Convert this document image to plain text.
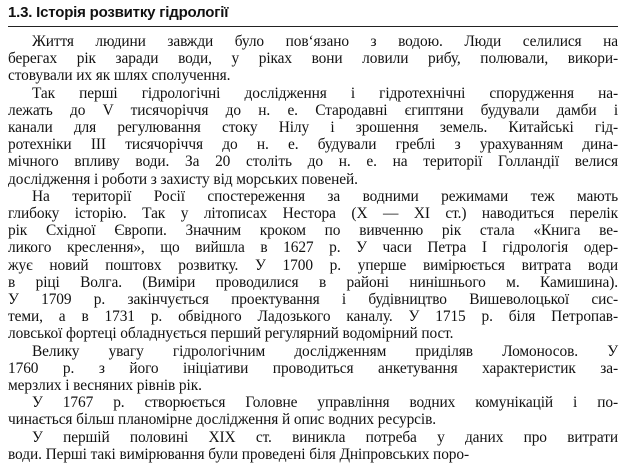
1.3. Історія розвитку гідрології

Життя людини завжди було пов‘язано з водою. Люди селилися на
берегах рік заради води, у ріках вони ловили рибу, полювали, викори-
стовували их як шлях сполучення.

Так перші гідрологічні дослідження і гідротехнічні спорудження на-
лежать до V тисячоріччя до н. е. Стародавні єгиптяни будували дамби і
канали для регулювання стоку Нілу і зрошення земель. Китайські гід-
ротехніки III тисячоріччя до н. е. будували греблі з урахуванням дина-
мічного впливу води. За 20 століть до н. е. на території Голландії велися
дослідження і роботи з захисту від морських повеней.

На території Росії спостереження за водними режимами теж мають
глибоку історію. Так у літописах Нестора (X — XI ст.) наводиться перелік
рік Східної Європи. Значним кроком по вивченню рік стала «Книга ве-
ликого креслення», що вийшла в 1627 р. У часи Петра I гідрологія одер-
жує новий поштовх розвитку. У 1700 р. уперше вимірюється витрата води
в ріці Волга. (Виміри проводилися в районі нинішнього м. Камишина).
У 1709 р. закінчується проектування і будівництво Вишеволоцької сис-
теми, а в 1731 р. обвідного Ладозького каналу. У 1715 р. біля Петропав-
ловської фортеці обладнується перший регулярний водомірний пост.

Велику увагу гідрологічним дослідженням приділяв Ломоносов. У
1760 р. з його ініціативи проводиться анкетування характеристик за-
мерзлих і весняних рівнів рік.

У 1767 р. створюється Головне управління водних комунікацій і по-
чинається більш планомірне дослідження й опис водних ресурсів.

У першій половині XIX ст. виникла потреба у даних про витрати
води. Перші такі вимірювання були проведені біля Дніпровських поро-
